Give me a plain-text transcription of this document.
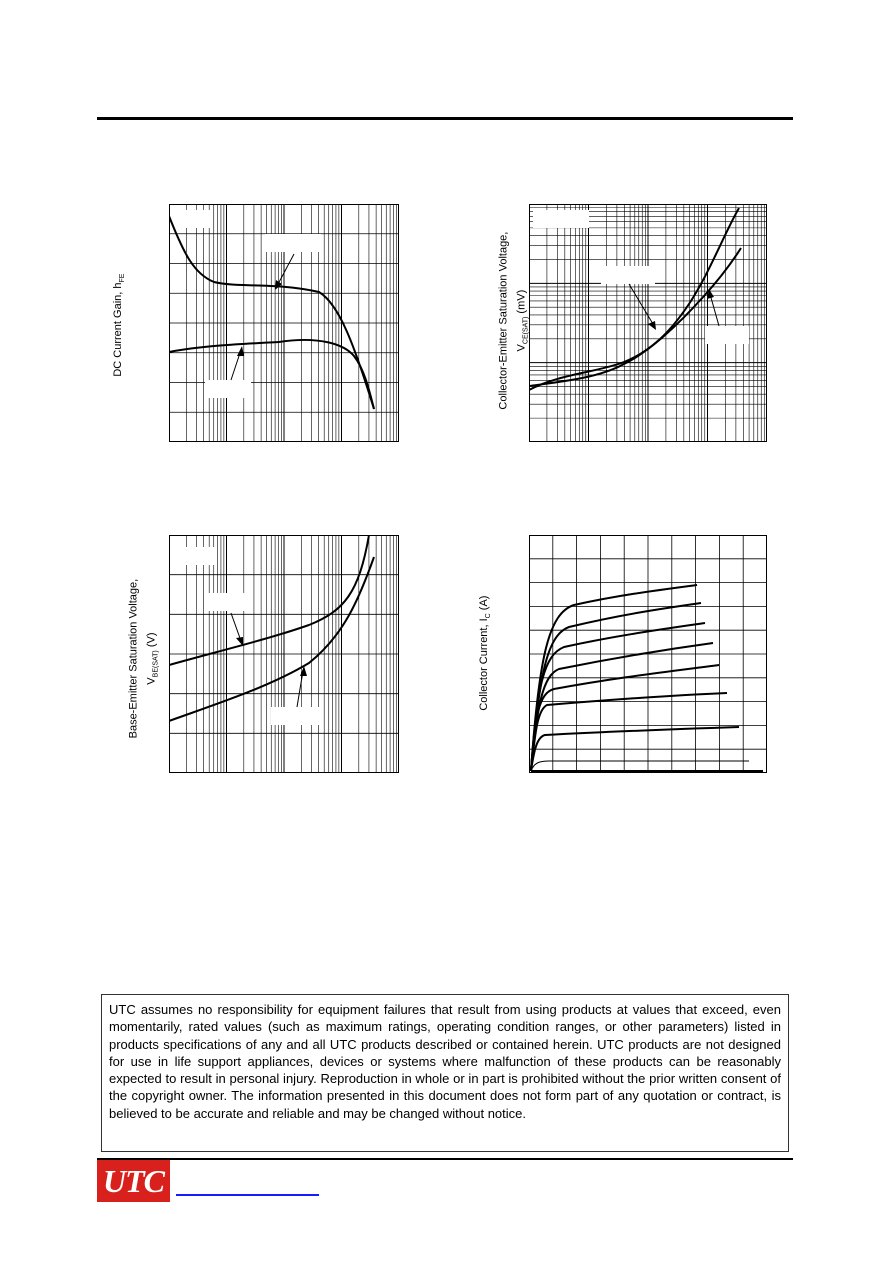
DC Current Gain, $h_{FE}$	Collector-Emitter Saturation Voltage, $V_{CE(SAT)}$ (mV)
Base-Emitter Saturation Voltage, $V_{BE(SAT)}$ (V)	Collector Current, $I_C$ (A)
UTC assumes no responsibility for equipment failures that result from using products at values that exceed, even momentarily, rated values (such as maximum ratings, operating condition ranges, or other parameters) listed in products specifications of any and all UTC products described or contained herein. UTC products are not designed for use in life support appliances, devices or systems where malfunction of these products can be reasonably expected to result in personal injury. Reproduction in whole or in part is prohibited without the prior written consent of the copyright owner. The information presented in this document does not form part of any quotation or contract, is believed to be accurate and reliable and may be changed without notice.
UTC
